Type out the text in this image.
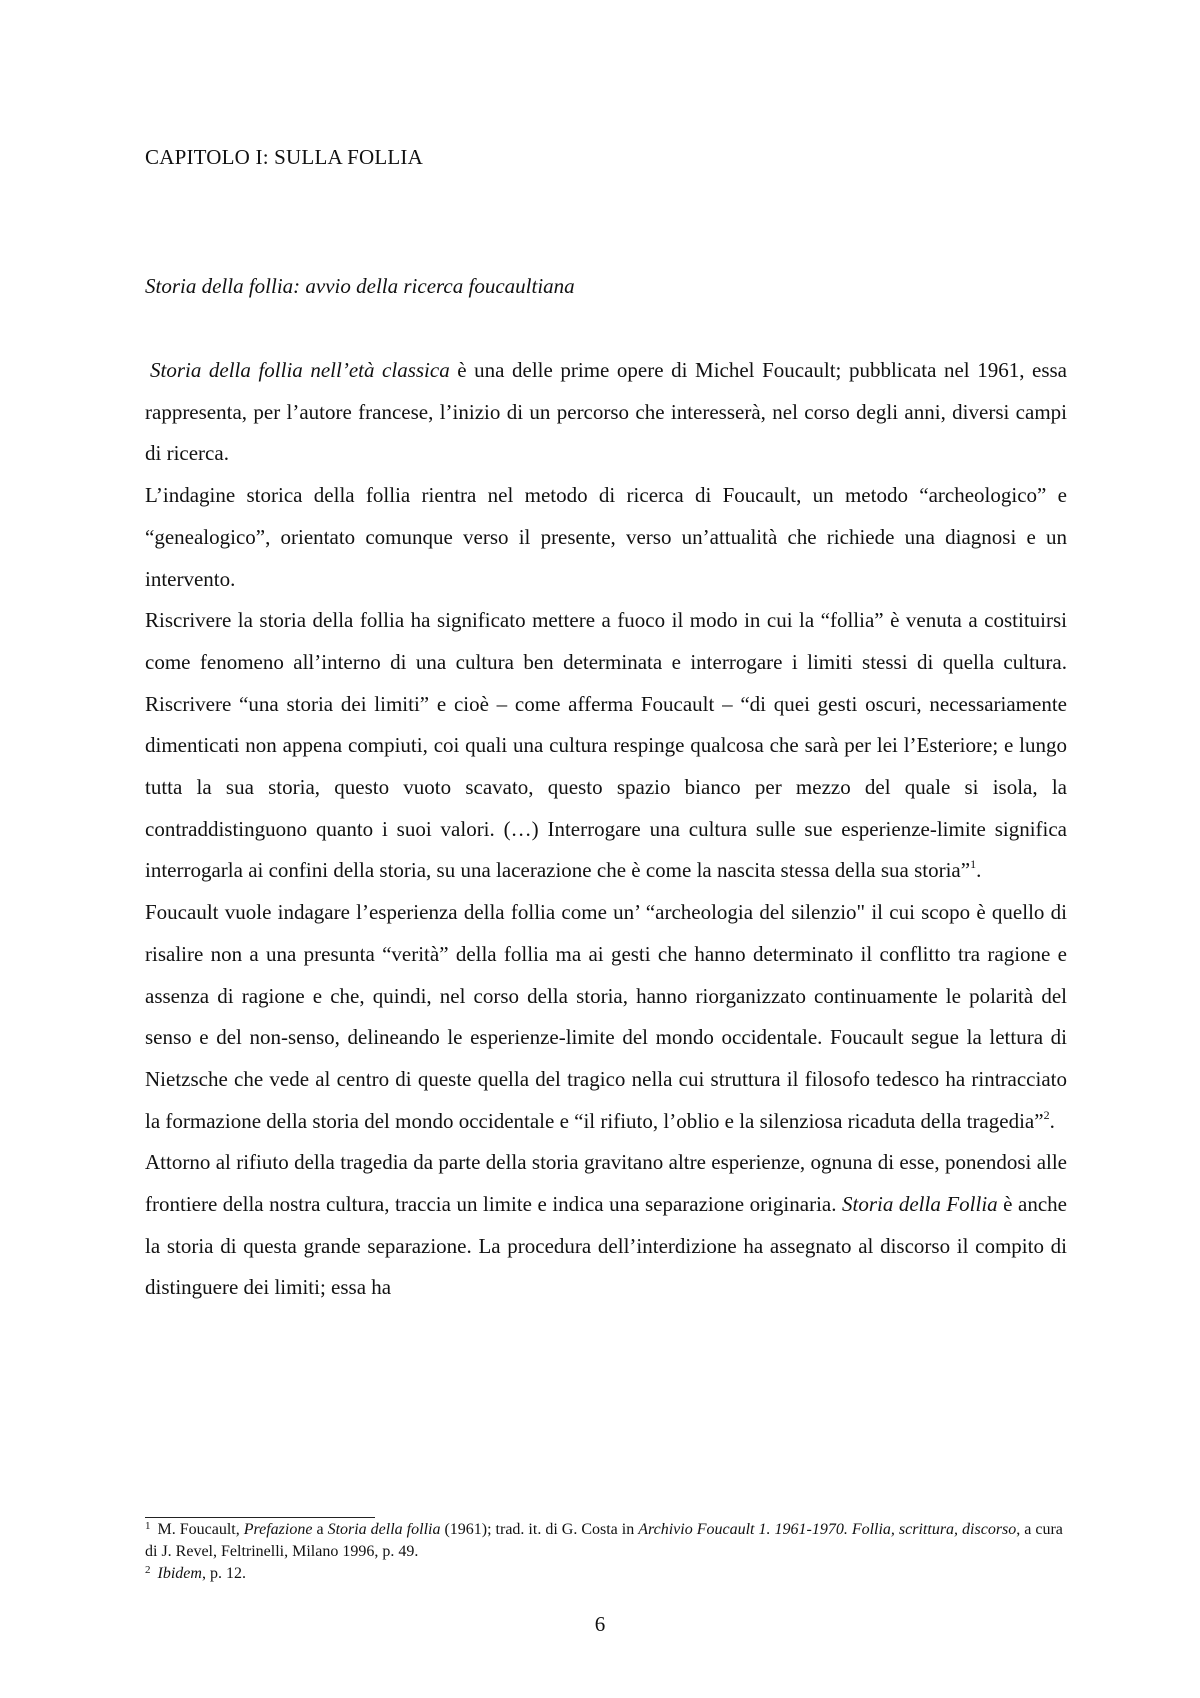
CAPITOLO I: SULLA FOLLIA
Storia della follia: avvio della ricerca foucaultiana

Storia della follia nell’età classica è una delle prime opere di Michel Foucault; pubblicata nel 1961, essa rappresenta, per l’autore francese, l’inizio di un percorso che interesserà, nel corso degli anni, diversi campi di ricerca.

L’indagine storica della follia rientra nel metodo di ricerca di Foucault, un metodo “archeologico” e “genealogico”, orientato comunque verso il presente, verso un’attualità che richiede una diagnosi e un intervento.

Riscrivere la storia della follia ha significato mettere a fuoco il modo in cui la “follia” è venuta a costituirsi come fenomeno all’interno di una cultura ben determinata e interrogare i limiti stessi di quella cultura. Riscrivere “una storia dei limiti” e cioè – come afferma Foucault – “di quei gesti oscuri, necessariamente dimenticati non appena compiuti, coi quali una cultura respinge qualcosa che sarà per lei l’Esteriore; e lungo tutta la sua storia, questo vuoto scavato, questo spazio bianco per mezzo del quale si isola, la contraddistinguono quanto i suoi valori. (…) Interrogare una cultura sulle sue esperienze-limite significa interrogarla ai confini della storia, su una lacerazione che è come la nascita stessa della sua storia”$^1$.

Foucault vuole indagare l’esperienza della follia come un’ “archeologia del silenzio" il cui scopo è quello di risalire non a una presunta “verità” della follia ma ai gesti che hanno determinato il conflitto tra ragione e assenza di ragione e che, quindi, nel corso della storia, hanno riorganizzato continuamente le polarità del senso e del non-senso, delineando le esperienze-limite del mondo occidentale. Foucault segue la lettura di Nietzsche che vede al centro di queste quella del tragico nella cui struttura il filosofo tedesco ha rintracciato la formazione della storia del mondo occidentale e “il rifiuto, l’oblio e la silenziosa ricaduta della tragedia”$^2$.

Attorno al rifiuto della tragedia da parte della storia gravitano altre esperienze, ognuna di esse, ponendosi alle frontiere della nostra cultura, traccia un limite e indica una separazione originaria. Storia della Follia è anche la storia di questa grande separazione. La procedura dell’interdizione ha assegnato al discorso il compito di distinguere dei limiti; essa ha

$^1$ M. Foucault, Prefazione a Storia della follia (1961); trad. it. di G. Costa in Archivio Foucault 1. 1961-1970. Follia, scrittura, discorso, a cura di J. Revel, Feltrinelli, Milano 1996, p. 49.

$^2$ Ibidem, p. 12.

6
